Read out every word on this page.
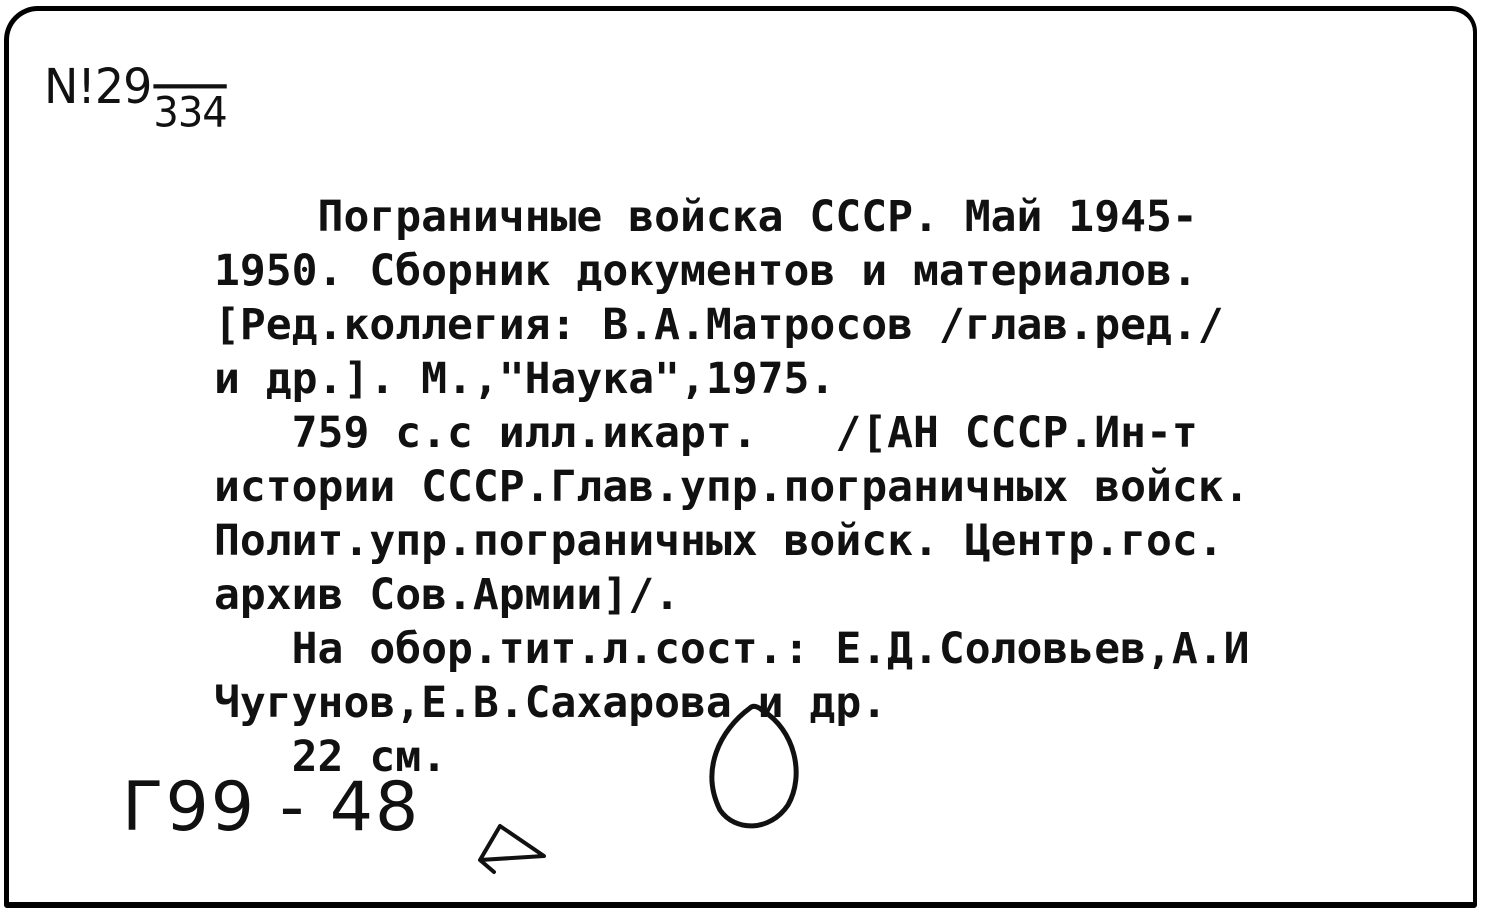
N!29334
Пограничные войска СССР. Май 1945-
1950. Сборник документов и материалов.
[Ред.коллегия: В.А.Матросов /глав.ред./
и др.]. М.,"Наука",1975.
759 с.с илл.икарт.   /[АН СССР.Ин-т
истории СССР.Глав.упр.пограничных войск.
Полит.упр.пограничных войск. Центр.гос.
архив Сов.Армии]/.
На обор.тит.л.сост.: Е.Д.Соловьев,А.И
Чугунов,Е.В.Сахарова и др.
22 см.
Г99 - 48
